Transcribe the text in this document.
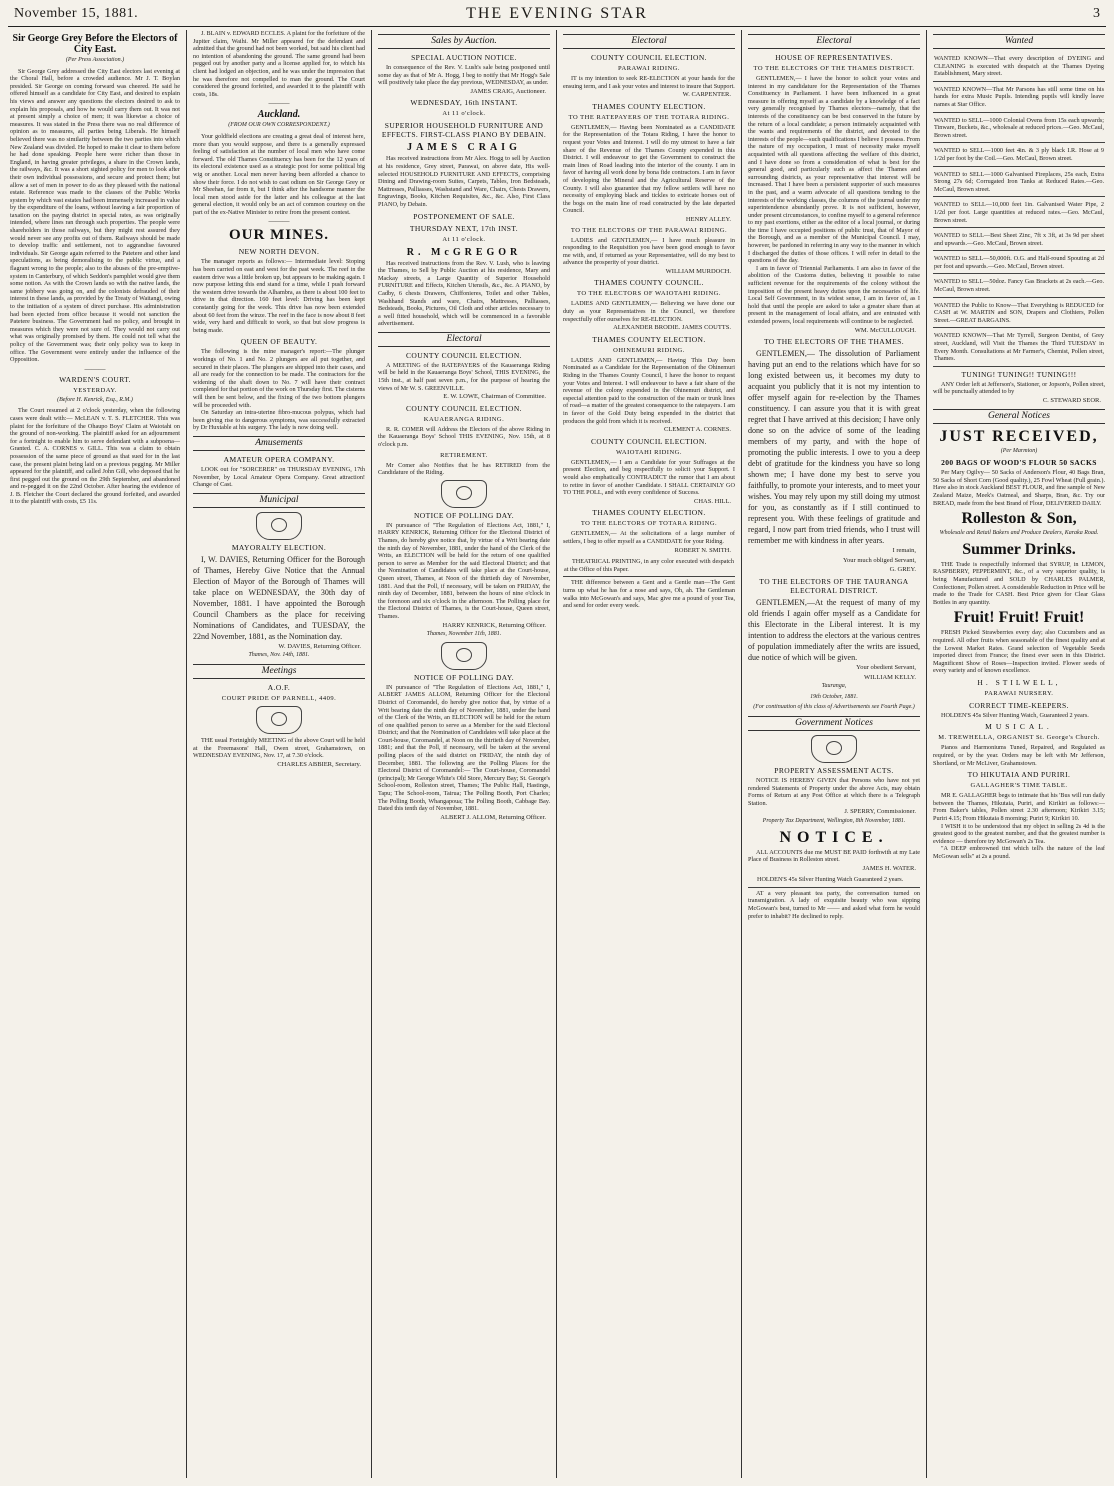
November 15, 1881.	THE EVENING STAR	3
Sir George Grey Before the Electors of City East.
(Per Press Association.)

Sir George Grey addressed the City East electors last evening at the Choral Hall, before a crowded audience. Mr J. T. Boylan presided. Sir George on coming forward was cheered. He said he offered himself as a candidate for City East, and desired to explain his views and answer any questions the electors desired to ask to explain his proposals, and how he would carry them out. It was not at present simply a choice of men; it was likewise a choice of measures. It was stated in the Press there was no real difference of opinion as to measures, all parties being Liberals. He himself believed there was no similarity between the two parties into which New Zealand was divided. He hoped to make it clear to them before he had done speaking. People here were richer than those in England, in having greater privileges, a share in the Crown lands, the railways, &c. It was a short sighted policy for men to look after their own individual possessions, and secure and protect them; but allow a set of men in power to do as they pleased with the national estate. Reference was made to the classes of the Public Works system by which vast estates had been immensely increased in value by the expenditure of the loans, without leaving a fair proportion of taxation on the paying district in special rates, as was originally intended, where lines ran through such properties. The people were shareholders in those railways, but they might rest assured they would never see any profits out of them. Railways should be made to develop traffic and settlement, not to aggrandise favoured individuals. Sir George again referred to the Patetere and other land speculations, as being demoralising to the public virtue, and a flagrant wrong to the people; also to the abuses of the pre-emptive-system in Canterbury, of which Seddon's pamphlet would give them some notion. As with the Crown lands so with the native lands, the same jobbery was going on, and the colonists defrauded of their interest in these lands, as provided by the Treaty of Waitangi, owing to the initiation of a system of direct purchase. His administration had been ejected from office because it would not sanction the Patetere business. The Government had no policy, and brought in measures which they were not sure of. They would not carry out what was originally promised by them. He could not tell what the policy of the Government was; their only policy was to keep in office. The Government were entirely under the influence of the Opposition.

———
WARDEN'S COURT.
YESTERDAY.
(Before H. Kenrick, Esq., R.M.)

The Court resumed at 2 o'clock yesterday, when the following cases were dealt with:— McLEAN v. T. S. FLETCHER. This was plaint for the forfeiture of the Ohaupo Boys' Claim at Waiotahi on the ground of non-working. The plaintiff asked for an adjournment for a fortnight to enable him to serve defendant with a subpoena—Granted. C. A. CORNES v. GILL. This was a claim to obtain possession of the same piece of ground as that sued for in the last case, the present plaint being laid on a previous pegging. Mr Miller appeared for the plaintiff, and called John Gill, who deposed that he first pegged out the ground on the 29th September, and abandoned and re-pegged it on the 22nd October. After hearing the evidence of J. B. Fletcher the Court declared the ground forfeited, and awarded it to the plaintiff with costs, £5 11s.

J. BLAIN v. EDWARD ECCLES. A plaint for the forfeiture of the Jupiter claim, Waihi. Mr Miller appeared for the defendant and admitted that the ground had not been worked, but said his client had no intention of abandoning the ground. The same ground had been pegged out by another party and a license applied for, to which his client had lodged an objection, and he was under the impression that he was therefore not compelled to man the ground. The Court considered the ground forfeited, and awarded it to the plaintiff with costs, 18s.

———
Auckland.
(FROM OUR OWN CORRESPONDENT.)

Your goldfield elections are creating a great deal of interest here, more than you would suppose, and there is a generally expressed feeling of satisfaction at the number of local men who have come forward. The old Thames Constituency has been for the 12 years of its electoral existence used as a strategic post for some political big wig or another. Local men never having been afforded a chance to show their force. I do not wish to cast odium on Sir George Grey or Mr Sheehan, far from it, but I think after the handsome manner the local men stood aside for the latter and his colleague at the last general election, it would only be an act of common courtesy on the part of the ex-Native Minister to retire from the present contest.

———
OUR MINES.
NEW NORTH DEVON.

The manager reports as follows:— Intermediate level: Stoping has been carried on east and west for the past week. The reef in the eastern drive was a little broken up, but appears to be making again. I now purpose letting this end stand for a time, while I push forward the western drive towards the Alhambra, as there is about 100 feet to drive in that direction. 160 feet level: Driving has been kept constantly going for the week. This drive has now been extended about 60 feet from the winze. The reef in the face is now about 8 feet wide, very hard and difficult to work, so that but slow progress is being made.

QUEEN OF BEAUTY.

The following is the mine manager's report:—The plunger workings of No. 1 and No. 2 plungers are all put together, and secured in their places. The plungers are shipped into their cases, and all are ready for the connection to be made. The contractors for the widening of the shaft down to No. 7 will have their contract completed for that portion of the work on Thursday first. The cisterns will then be sent below, and the fixing of the two bottom plungers will be proceeded with.

On Saturday an intra-uterine fibro-mucous polypus, which had been giving rise to dangerous symptoms, was successfully extracted by Dr Huxtable at his surgery. The lady is now doing well.

Amusements
AMATEUR OPERA COMPANY.

LOOK out for "SORCERER" on THURSDAY EVENING, 17th November, by Local Amateur Opera Company. Great attraction! Change of Cast.

Municipal
MAYORALTY ELECTION.

I, W. DAVIES, Returning Officer for the Borough of Thames, Hereby Give Notice that the Annual Election of Mayor of the Borough of Thames will take place on WEDNESDAY, the 30th day of November, 1881. I have appointed the Borough Council Chambers as the place for receiving Nominations of Candidates, and TUESDAY, the 22nd November, 1881, as the Nomination day.

W. DAVIES, Returning Officer.
Thames, Nov. 14th, 1881.
Meetings
A.O.F.
COURT PRIDE OF PARNELL, 4409.

THE usual Fortnightly MEETING of the above Court will be held at the Freemasons' Hall, Owen street, Grahamstown, on WEDNESDAY EVENING, Nov. 17, at 7.30 o'clock.

CHARLES ABBIER, Secretary.
Sales by Auction.
SPECIAL AUCTION NOTICE.

In consequence of the Rev. V. Lush's sale being postponed until some day as that of Mr A. Hogg, I beg to notify that Mr Hogg's Sale will positively take place the day previous, WEDNESDAY, as under.

JAMES CRAIG, Auctioneer.
WEDNESDAY, 16th INSTANT.
At 11 o'clock.
SUPERIOR HOUSEHOLD FURNITURE AND EFFECTS. FIRST-CLASS PIANO BY DEBAIN.
JAMES CRAIG

Has received instructions from Mr Alex. Hogg to sell by Auction at his residence, Grey street, Parawai, on above date, His well-selected HOUSEHOLD FURNITURE AND EFFECTS, comprising Dining and Drawing-room Suites, Carpets, Tables, Iron Bedsteads, Mattresses, Palliasses, Washstand and Ware, Chairs, Chests Drawers, Engravings, Books, Kitchen Requisites, &c., &c. Also, First Class PIANO, by Debain.

POSTPONEMENT OF SALE.
THURSDAY NEXT, 17th INST.
At 11 o'clock.
R. McGREGOR

Has received instructions from the Rev. V. Lush, who is leaving the Thames, to Sell by Public Auction at his residence, Mary and Mackay streets, a Large Quantity of Superior Household FURNITURE and Effects, Kitchen Utensils, &c., &c. A PIANO, by Cadby, 6 chests Drawers, Chiffonieres, Toilet and other Tables, Washhand Stands and ware, Chairs, Mattresses, Palliasses, Bedsteads, Books, Pictures, Oil Cloth and other articles necessary to a well fitted household, which will be commenced in a favorable advertisement.

Electoral
COUNTY COUNCIL ELECTION.

A MEETING of the RATEPAYERS of the Kauaeranga Riding will be held in the Kauaeranga Boys' School, THIS EVENING, the 15th inst., at half past seven p.m., for the purpose of hearing the views of Mr W. S. GREENVILLE.

E. W. LOWE, Chairman of Committee.
COUNTY COUNCIL ELECTION.
KAUAERANGA RIDING.

R. R. COMER will Address the Electors of the above Riding in the Kauaeranga Boys' School THIS EVENING, Nov. 15th, at 8 o'clock p.m.

RETIREMENT.

Mr Comer also Notifies that he has RETIRED from the Candidature of the Riding.

NOTICE OF POLLING DAY.

IN pursuance of "The Regulation of Elections Act, 1881," I, HARRY KENRICK, Returning Officer for the Electoral District of Thames, do hereby give notice that, by virtue of a Writ bearing date the ninth day of November, 1881, under the hand of the Clerk of the Writs, an ELECTION will be held for the return of one qualified person to serve as Member for the said Electoral District; and that the Nomination of Candidates will take place at the Court-house, Queen street, Thames, at Noon of the thirtieth day of November, 1881. And that the Poll, if necessary, will be taken on FRIDAY, the ninth day of December, 1881, between the hours of nine o'clock in the forenoon and six o'clock in the afternoon. The Polling place for the Electoral District of Thames, is the Court-house, Queen street, Thames.

HARRY KENRICK, Returning Officer.
Thames, November 11th, 1881.
NOTICE OF POLLING DAY.

IN pursuance of "The Regulation of Elections Act, 1881," I, ALBERT JAMES ALLOM, Returning Officer for the Electoral District of Coromandel, do hereby give notice that, by virtue of a Writ bearing date the ninth day of November, 1881, under the hand of the Clerk of the Writs, an ELECTION will be held for the return of one qualified person to serve as a Member for the said Electoral District; and that the Nomination of Candidates will take place at the Court-house, Coromandel, at Noon on the thirtieth day of November, 1881; and that the Poll, if necessary, will be taken at the several polling places of the said district on FRIDAY, the ninth day of December, 1881. The following are the Polling Places for the Electoral District of Coromandel:— The Court-house, Coromandel (principal); Mr George White's Old Store, Mercury Bay; St. George's School-room, Rolleston street, Thames; The Public Hall, Hastings, Tapu; The School-room, Tairua; The Polling Booth, Port Charles; The Polling Booth, Whangapoua; The Polling Booth, Cabbage Bay. Dated this tenth day of November, 1881.

ALBERT J. ALLOM, Returning Officer.
Electoral
COUNTY COUNCIL ELECTION.
PARAWAI RIDING.

IT is my intention to seek RE-ELECTION at your hands for the ensuing term, and I ask your votes and interest to insure that Support.

W. CARPENTER.
THAMES COUNTY ELECTION.
TO THE RATEPAYERS OF THE TOTARA RIDING.

GENTLEMEN,— Having been Nominated as a CANDIDATE for the Representation of the Totara Riding, I have the honor to request your Votes and Interest. I will do my utmost to have a fair share of the Revenue of the Thames County expended in this District. I will endeavour to get the Government to construct the main lines of Road leading into the interior of the county. I am in favor of having all work done by bona fide contractors. I am in favor of developing the Mineral and the Agricultural Reserve of the County. I will also guarantee that my fellow settlers will have no necessity of employing black and tickles to extricate horses out of the bogs on the main line of road constructed by the late departed Council.

HENRY ALLEY.
TO THE ELECTORS OF THE PARAWAI RIDING.

LADIES and GENTLEMEN,— I have much pleasure in responding to the Requisition you have been good enough to favor me with, and, if returned as your Representative, will do my best to advance the prosperity of your district.

WILLIAM MURDOCH.
THAMES COUNTY COUNCIL.
TO THE ELECTORS OF WAIOTAHI RIDING.

LADIES AND GENTLEMEN,— Believing we have done our duty as your Representatives in the Council, we therefore respectfully offer ourselves for RE-ELECTION.

ALEXANDER BRODIE. JAMES COUTTS.
THAMES COUNTY ELECTION.
OHINEMURI RIDING.

LADIES AND GENTLEMEN,— Having This Day been Nominated as a Candidate for the Representation of the Ohinemuri Riding in the Thames County Council, I have the honor to request your Votes and Interest. I will endeavour to have a fair share of the revenue of the colony expended in the Ohinemuri district, and especial attention paid to the construction of the main or trunk lines of road—a matter of the greatest consequence to the ratepayers. I am in favor of the Gold Duty being expended in the district that produces the gold from which it is received.

CLEMENT A. CORNES.
COUNTY COUNCIL ELECTION.
WAIOTAHI RIDING.

GENTLEMEN,— I am a Candidate for your Suffrages at the present Election, and beg respectfully to solicit your Support. I would also emphatically CONTRADICT the rumor that I am about to retire in favor of another Candidate. I SHALL CERTAINLY GO TO THE POLL, and with every confidence of Success.

CHAS. HILL.
THAMES COUNTY ELECTION.
TO THE ELECTORS OF TOTARA RIDING.

GENTLEMEN,— At the solicitations of a large number of settlers, I beg to offer myself as a CANDIDATE for your Riding.

ROBERT N. SMITH.

THEATRICAL PRINTING, in any color executed with despatch at the Office of this Paper.

THE difference between a Gent and a Gentle man—The Gent turns up what he has for a nose and says, Oh, ah. The Gentleman walks into McGowan's and says, Mac give me a pound of your Tea, and send for order every week.

Electoral
HOUSE OF REPRESENTATIVES.
TO THE ELECTORS OF THE THAMES DISTRICT.

GENTLEMEN,— I have the honor to solicit your votes and interest in my candidature for the Representation of the Thames Constituency in Parliament. I have been influenced in a great measure in offering myself as a candidate by a knowledge of a fact very generally recognised by Thames electors—namely, that the interests of the constituency can be best conserved in the future by the return of a local candidate; a person intimately acquainted with the wants and requirements of the district, and devoted to the interests of the people—such qualifications I believe I possess. From the nature of my occupation, I must of necessity make myself acquainted with all questions affecting the welfare of this district, and I have done so from a consideration of what is best for the general good, and particularly such as affect the Thames and surrounding districts, as your representative that interest will be increased. That I have been a persistent supporter of such measures in the past, and a warm advocate of all questions tending to the interests of the working classes, the columns of the journal under my superintendence abundantly prove. It is not sufficient, however, under present circumstances, to confine myself to a general reference to my past exertions, either as the editor of a local journal, or during the time I have occupied positions of public trust, that of Mayor of the Borough, and as a member of the Municipal Council. I may, however, be pardoned in referring in any way to the manner in which I discharged the duties of those offices. I will refer in detail to the questions of the day.

I am in favor of Triennial Parliaments. I am also in favor of the abolition of the Customs duties, believing it possible to raise sufficient revenue for the requirements of the colony without the imposition of the present heavy duties upon the necessaries of life. Local Self Government, in its widest sense, I am in favor of, as I hold that until the people are asked to take a greater share than at present in the management of local affairs, and are entrusted with extended powers, local requirements will continue to be neglected.

WM. McCULLOUGH.
TO THE ELECTORS OF THE THAMES.

GENTLEMEN,— The dissolution of Parliament having put an end to the relations which have for so long existed between us, it becomes my duty to acquaint you publicly that it is not my intention to offer myself again for re-election by the Thames constituency. I can assure you that it is with great regret that I have arrived at this decision; I have only done so on the advice of some of the leading members of my party, and with the hope of promoting the public interests. I owe to you a deep debt of gratitude for the kindness you have so long shown me; I have done my best to serve you faithfully, to promote your interests, and to meet your wishes. You may rely upon my still doing my utmost for you, as constantly as if I still continued to represent you. With these feelings of gratitude and regard, I now part from tried friends, who I trust will remember me with kindness in after years.

I remain,
Your much obliged Servant,
G. GREY.
TO THE ELECTORS OF THE TAURANGA ELECTORAL DISTRICT.

GENTLEMEN,—At the request of many of my old friends I again offer myself as a Candidate for this Electorate in the Liberal interest. It is my intention to address the electors at the various centres of population immediately after the writs are issued, due notice of which will be given.

Your obedient Servant,
WILLIAM KELLY.
Tauranga,
19th October, 1881.
(For continuation of this class of Advertisements see Fourth Page.)
Government Notices
PROPERTY ASSESSMENT ACTS.

NOTICE IS HEREBY GIVEN that Persons who have not yet rendered Statements of Property under the above Acts, may obtain Forms of Return at any Post Office at which there is a Telegraph Station.

J. SPERRY, Commissioner.
Property Tax Department, Wellington, 8th November, 1881.
NOTICE.

ALL ACCOUNTS due me MUST BE PAID forthwith at my Late Place of Business in Rolleston street.

JAMES H. WATER.

HOLDEN'S 45s Silver Hunting Watch Guaranteed 2 years.

AT a very pleasant tea party, the conversation turned on transmigration. A lady of exquisite beauty who was sipping McGowan's best, turned to Mr —— and asked what form he would prefer to inhabit? He declined to reply.

Wanted

WANTED KNOWN—That every description of DYEING and CLEANING is executed with despatch at the Thames Dyeing Establishment, Mary street.

WANTED KNOWN—That Mr Parsons has still some time on his hands for extra Music Pupils. Intending pupils will kindly leave names at Star Office.

WANTED to SELL—1000 Colonial Ovens from 15s each upwards; Tinware, Buckets, &c., wholesale at reduced prices.—Geo. McCaul, Brown street.

WANTED to SELL—1000 feet 4in. & 3 ply black I.R. Hose at 9 1/2d per foot by the Coil.—Geo. McCaul, Brown street.

WANTED to SELL—1000 Galvanised Fireplaces, 25s each, Extra Strong 27s 6d; Corrugated Iron Tanks at Reduced Rates.—Geo. McCaul, Brown street.

WANTED to SELL—10,000 feet 1in. Galvanised Water Pipe, 2 1/2d per foot. Large quantities at reduced rates.—Geo. McCaul, Brown street.

WANTED to SELL—Best Sheet Zinc, 7ft x 3ft, at 3s 9d per sheet and upwards.—Geo. McCaul, Brown street.

WANTED to SELL—50,000ft. O.G. and Half-round Spouting at 2d per foot and upwards.—Geo. McCaul, Brown street.

WANTED to SELL—50doz. Fancy Gas Brackets at 2s each.—Geo. McCaul, Brown street.

WANTED the Public to Know—That Everything is REDUCED for CASH at W. MARTIN and SON, Drapers and Clothiers, Pollen Street.—GREAT BARGAINS.

WANTED KNOWN—That Mr Tyrrell, Surgeon Dentist, of Grey street, Auckland, will Visit the Thames the Third TUESDAY in Every Month. Consultations at Mr Farmer's, Chemist, Pollen street, Thames.

TUNING! TUNING!! TUNING!!!

ANY Order left at Jefferson's, Stationer, or Jopson's, Pollen street, will be punctually attended to by

C. STEWARD SEOR.
General Notices
JUST RECEIVED,
(Per Marmion)
200 BAGS OF WOOD'S FLOUR 50 SACKS

Per Mary Ogilvy— 50 Sacks of Anderson's Flour, 40 Bags Bran, 50 Sacks of Short Corn (Good quality.), 25 Fowl Wheat (Full grain.). Have also in stock Auckland BEST FLOUR, and fine sample of New Zealand Maize, Meek's Oatmeal, and Sharps, Bran, &c. Try our BREAD, made from the best Brand of Flour, DELIVERED DAILY.

Rolleston & Son,
Wholesale and Retail Bakers and Produce Dealers, Karaka Road.
Summer Drinks.

THE Trade is respectfully informed that SYRUP, in LEMON, RASPBERRY, PEPPERMINT, &c., of a very superior quality, is being Manufactured and SOLD by CHARLES PALMER, Confectioner, Pollen street. A considerable Reduction in Price will be made to the Trade for CASH. Best Price given for Clear Glass Bottles in any quantity.

Fruit! Fruit! Fruit!

FRESH Picked Strawberries every day; also Cucumbers and as required. All other fruits when seasonable of the finest quality and at the Lowest Market Rates. Grand selection of Vegetable Seeds imported direct from France; the finest ever seen in this District. Magnificent Show of Roses—Inspection invited. Flower seeds of every variety and of known excellence.

H. STILWELL,
PARAWAI NURSERY.
CORRECT TIME-KEEPERS.

HOLDEN'S 45s Silver Hunting Watch, Guaranteed 2 years.

MUSICAL.
M. TREWHELLA, ORGANIST St. George's Church.

Pianos and Harmoniums Tuned, Repaired, and Regulated as required, or by the year. Orders may be left with Mr Jefferson, Shortland, or Mr McLiver, Grahamstown.

TO HIKUTAIA AND PURIRI.
GALLAGHER'S TIME TABLE.

MR E. GALLAGHER begs to intimate that his 'Bus will run daily between the Thames, Hikutaia, Puriri, and Kirikiri as follows:— From Baker's tables, Pollen street 2.30 afternoon; Kirikiri 3.15; Puriri 4.15; From Hikutaia 8 morning; Puriri 9; Kirikiri 10.

I WISH it to be understood that my object in selling 2s 4d is the greatest good to the greatest number, and that the greatest number is evidence — therefore try McGowan's 2s Tea.

"A DEEP embrowned tint which tell's the nature of the leaf McGowan sells" at 2s a pound.
